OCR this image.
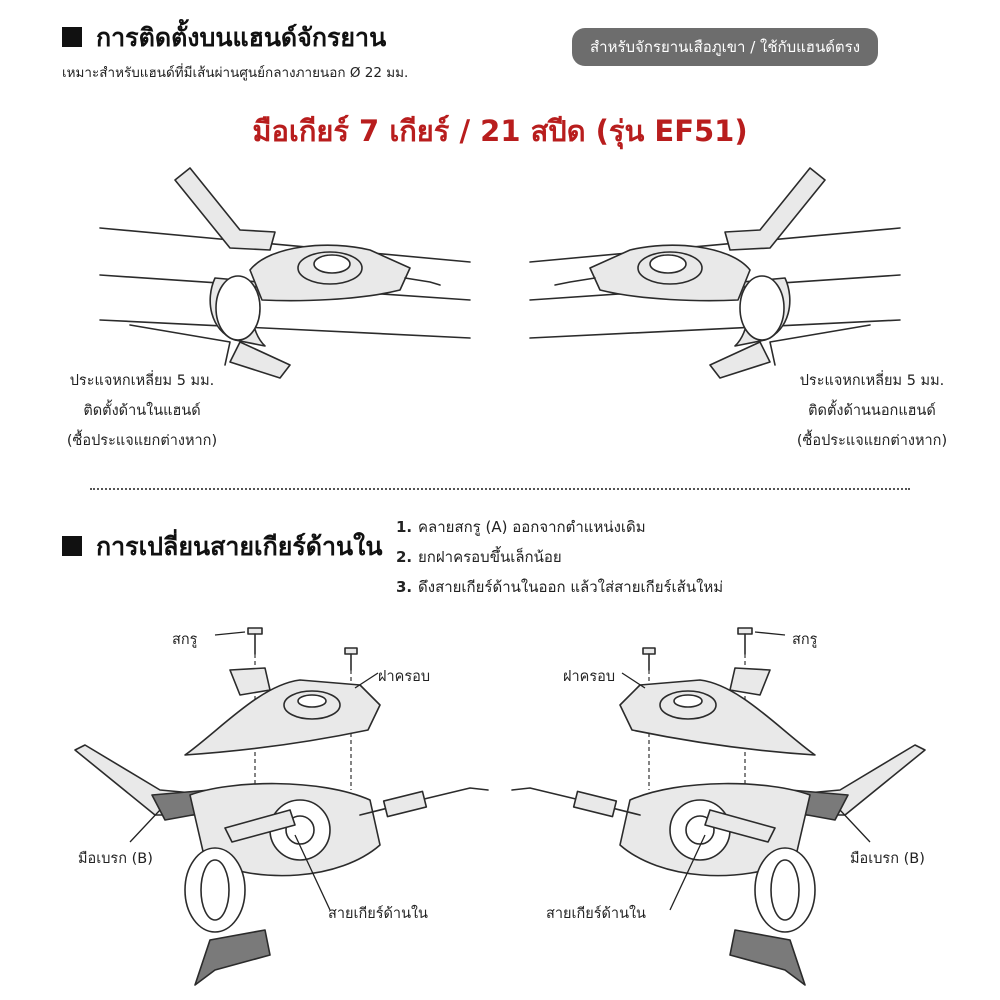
การติดตั้งบนแฮนด์จักรยาน
เหมาะสำหรับแฮนด์ที่มีเส้นผ่านศูนย์กลางภายนอก Ø 22 มม.
สำหรับจักรยานเสือภูเขา / ใช้กับแฮนด์ตรง
มือเกียร์ 7 เกียร์ / 21 สปีด (รุ่น EF51)
ประแจหกเหลี่ยม 5 มม.
ติดตั้งด้านในแฮนด์
(ซื้อประแจแยกต่างหาก)
ประแจหกเหลี่ยม 5 มม.
ติดตั้งด้านนอกแฮนด์
(ซื้อประแจแยกต่างหาก)
การเปลี่ยนสายเกียร์ด้านใน
1. คลายสกรู (A) ออกจากตำแหน่งเดิม
2. ยกฝาครอบขึ้นเล็กน้อย
3. ดึงสายเกียร์ด้านในออก แล้วใส่สายเกียร์เส้นใหม่
สกรู
ฝาครอบ
มือเบรก (B)
สายเกียร์ด้านใน
สกรู
ฝาครอบ
มือเบรก (B)
สายเกียร์ด้านใน
